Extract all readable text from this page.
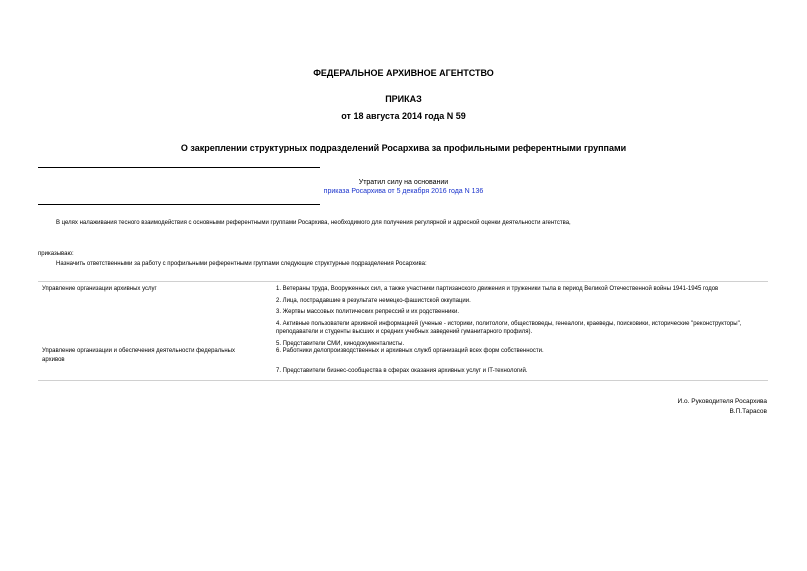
ФЕДЕРАЛЬНОЕ АРХИВНОЕ АГЕНТСТВО
ПРИКАЗ
от 18 августа 2014 года N 59
О закреплении структурных подразделений Росархива за профильными референтными группами
Утратил силу на основании
приказа Росархива от 5 декабря 2016 года N 136
В целях налаживания тесного взаимодействия с основными референтными группами Росархива, необходимого для получения регулярной и адресной оценки деятельности агентства,
приказываю:
Назначить ответственными за работу с профильными референтными группами следующие структурные подразделения Росархива:
Управление организации архивных услуг	1. Ветераны труда, Вооруженных сил, а также участники партизанского движения и труженики тыла в период Великой Отечественной войны 1941-1945 годов
2. Лица, пострадавшие в результате немецко-фашистской оккупации.
3. Жертвы массовых политических репрессий и их родственники.
4. Активные пользователи архивной информацией (ученые - историки, политологи, обществоведы, генеалоги, краеведы, поисковики, исторические "реконструкторы", преподаватели и студенты высших и средних учебных заведений гуманитарного профиля).
5. Представители СМИ, кинодокументалисты.
Управление организации и обеспечения деятельности федеральных архивов
6. Работники делопроизводственных и архивных служб организаций всех форм собственности.
7. Представители бизнес-сообщества в сферах оказания архивных услуг и IT-технологий.
И.о. Руководителя Росархива
В.П.Тарасов
